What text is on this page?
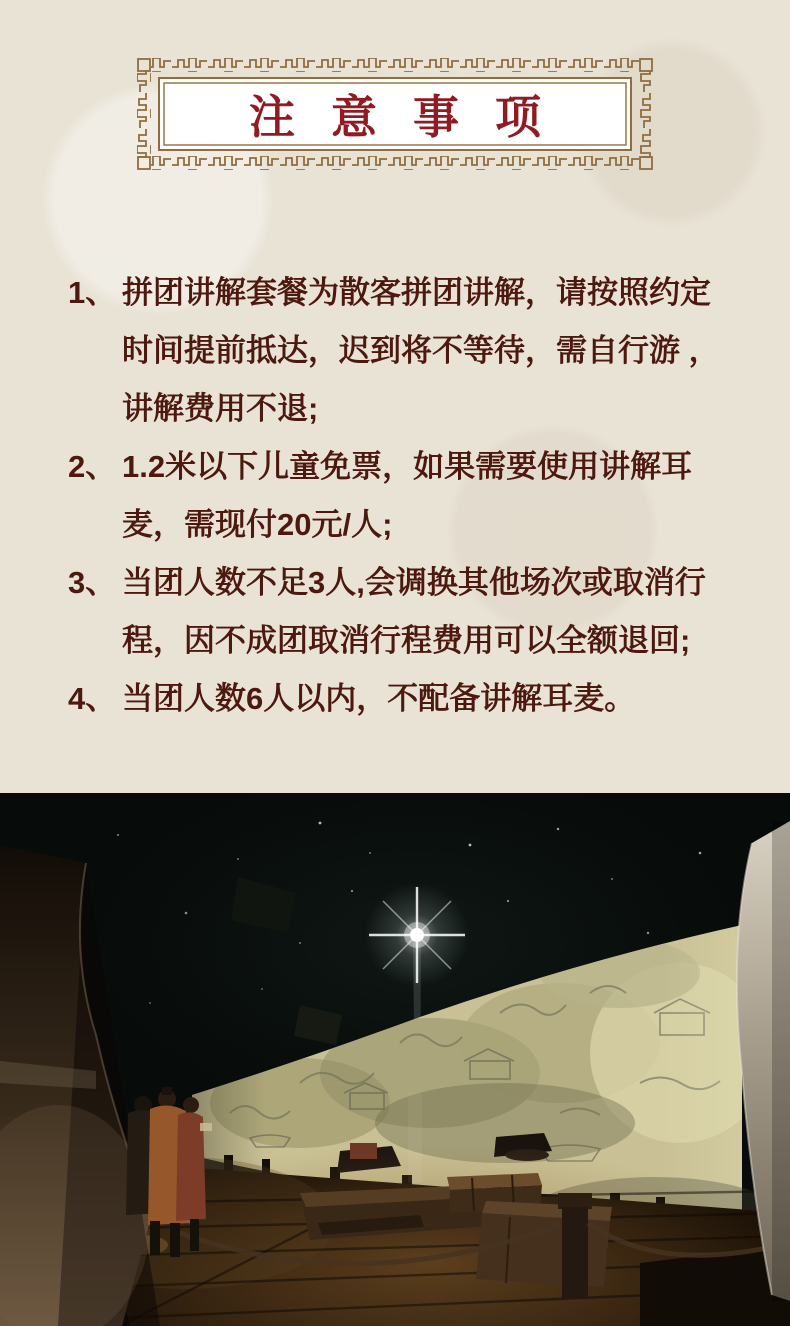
注意事项
1、 拼团讲解套餐为散客拼团讲解，请按照约定
时间提前抵达，迟到将不等待，需自行游 ，
讲解费用不退;
2、 1.2米以下儿童免票，如果需要使用讲解耳
麦，需现付20元/人;
3、 当团人数不足3人,会调换其他场次或取消行
程，因不成团取消行程费用可以全额退回;
4、 当团人数6人以内，不配备讲解耳麦。
